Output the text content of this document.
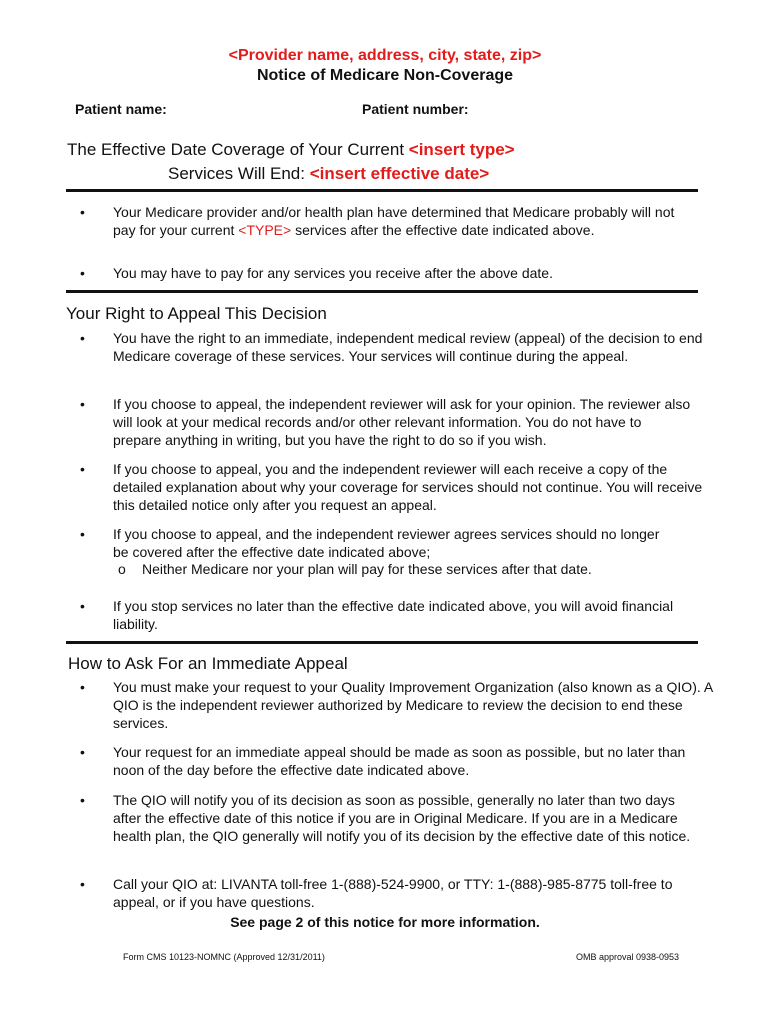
<Provider name, address, city, state, zip>
Notice of Medicare Non-Coverage
Patient name:	Patient number:
The Effective Date Coverage of Your Current <insert type>
Services Will End: <insert effective date>
• Your Medicare provider and/or health plan have determined that Medicare probably will not pay for your current <TYPE> services after the effective date indicated above.
• You may have to pay for any services you receive after the above date.
Your Right to Appeal This Decision
• You have the right to an immediate, independent medical review (appeal) of the decision to end Medicare coverage of these services. Your services will continue during the appeal.
• If you choose to appeal, the independent reviewer will ask for your opinion. The reviewer also will look at your medical records and/or other relevant information. You do not have to prepare anything in writing, but you have the right to do so if you wish.
• If you choose to appeal, you and the independent reviewer will each receive a copy of the detailed explanation about why your coverage for services should not continue. You will receive this detailed notice only after you request an appeal.
• If you choose to appeal, and the independent reviewer agrees services should no longer be covered after the effective date indicated above;
o Neither Medicare nor your plan will pay for these services after that date.
• If you stop services no later than the effective date indicated above, you will avoid financial liability.
How to Ask For an Immediate Appeal
• You must make your request to your Quality Improvement Organization (also known as a QIO). A QIO is the independent reviewer authorized by Medicare to review the decision to end these services.
• Your request for an immediate appeal should be made as soon as possible, but no later than noon of the day before the effective date indicated above.
• The QIO will notify you of its decision as soon as possible, generally no later than two days after the effective date of this notice if you are in Original Medicare. If you are in a Medicare health plan, the QIO generally will notify you of its decision by the effective date of this notice.
• Call your QIO at: LIVANTA toll-free 1-(888)-524-9900, or TTY: 1-(888)-985-8775 toll-free to appeal, or if you have questions.
See page 2 of this notice for more information.
Form CMS 10123-NOMNC (Approved 12/31/2011)	OMB approval 0938-0953
